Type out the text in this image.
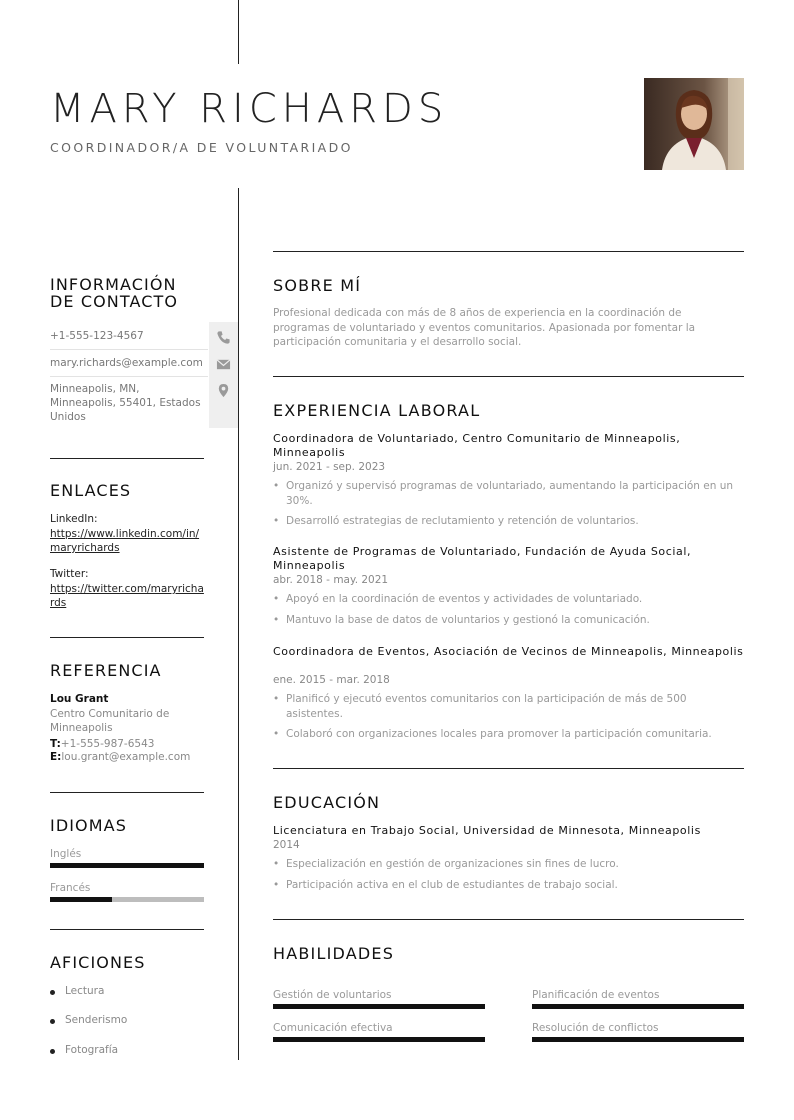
MARY RICHARDS
COORDINADOR/A DE VOLUNTARIADO
INFORMACIÓN
DE CONTACTO
+1-555-123-4567
mary.richards@example.com
Minneapolis, MN, Minneapolis, 55401, Estados Unidos
ENLACES
LinkedIn:
https://www.linkedin.com/in/maryrichards
Twitter:
https://twitter.com/maryrichards
REFERENCIA
Lou Grant
Centro Comunitario de Minneapolis
T:+1-555-987-6543
E:lou.grant@example.com
IDIOMAS
Inglés
Francés
AFICIONES
Lectura
Senderismo
Fotografía
SOBRE MÍ
Profesional dedicada con más de 8 años de experiencia en la coordinación de programas de voluntariado y eventos comunitarios. Apasionada por fomentar la participación comunitaria y el desarrollo social.
EXPERIENCIA LABORAL
Coordinadora de Voluntariado, Centro Comunitario de Minneapolis, Minneapolis
jun. 2021 - sep. 2023
• Organizó y supervisó programas de voluntariado, aumentando la participación en un 30%.
• Desarrolló estrategias de reclutamiento y retención de voluntarios.
Asistente de Programas de Voluntariado, Fundación de Ayuda Social, Minneapolis
abr. 2018 - may. 2021
• Apoyó en la coordinación de eventos y actividades de voluntariado.
• Mantuvo la base de datos de voluntarios y gestionó la comunicación.
Coordinadora de Eventos, Asociación de Vecinos de Minneapolis, Minneapolis
ene. 2015 - mar. 2018
• Planificó y ejecutó eventos comunitarios con la participación de más de 500 asistentes.
• Colaboró con organizaciones locales para promover la participación comunitaria.
EDUCACIÓN
Licenciatura en Trabajo Social, Universidad de Minnesota, Minneapolis
2014
• Especialización en gestión de organizaciones sin fines de lucro.
• Participación activa en el club de estudiantes de trabajo social.
HABILIDADES
Gestión de voluntarios	Planificación de eventos
Comunicación efectiva	Resolución de conflictos
